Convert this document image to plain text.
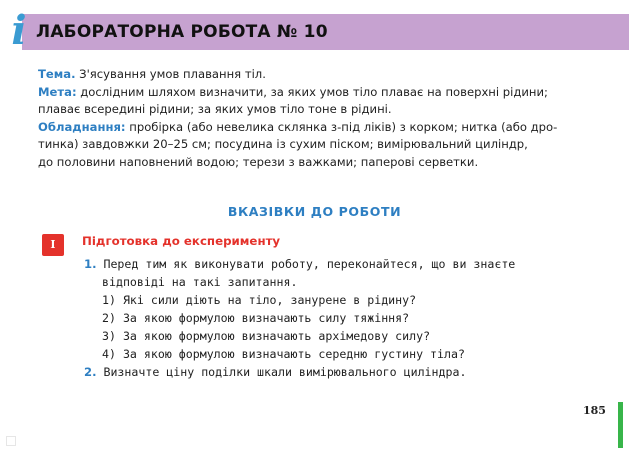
i ЛАБОРАТОРНА РОБОТА № 10

Тема. З'ясування умов плавання тіл.

Мета: дослідним шляхом визначити, за яких умов тіло плаває на поверхні рідини;

плаває всередині рідини; за яких умов тіло тоне в рідині.

Обладнання: пробірка (або невелика склянка з-під ліків) з корком; нитка (або дро-

тинка) завдовжки 20–25 см; посудина із сухим піском; вимірювальний циліндр,

до половини наповнений водою; терези з важками; паперові серветки.

ВКАЗІВКИ ДО РОБОТИ
I	Підготовка до експерименту
1. Перед тим як виконувати роботу, переконайтеся, що ви знаєте
відповіді на такі запитання.
1) Які сили діють на тіло, занурене в рідину?
2) За якою формулою визначають силу тяжіння?
3) За якою формулою визначають архімедову силу?
4) За якою формулою визначають середню густину тіла?
2. Визначте ціну поділки шкали вимірювального циліндра.
185
